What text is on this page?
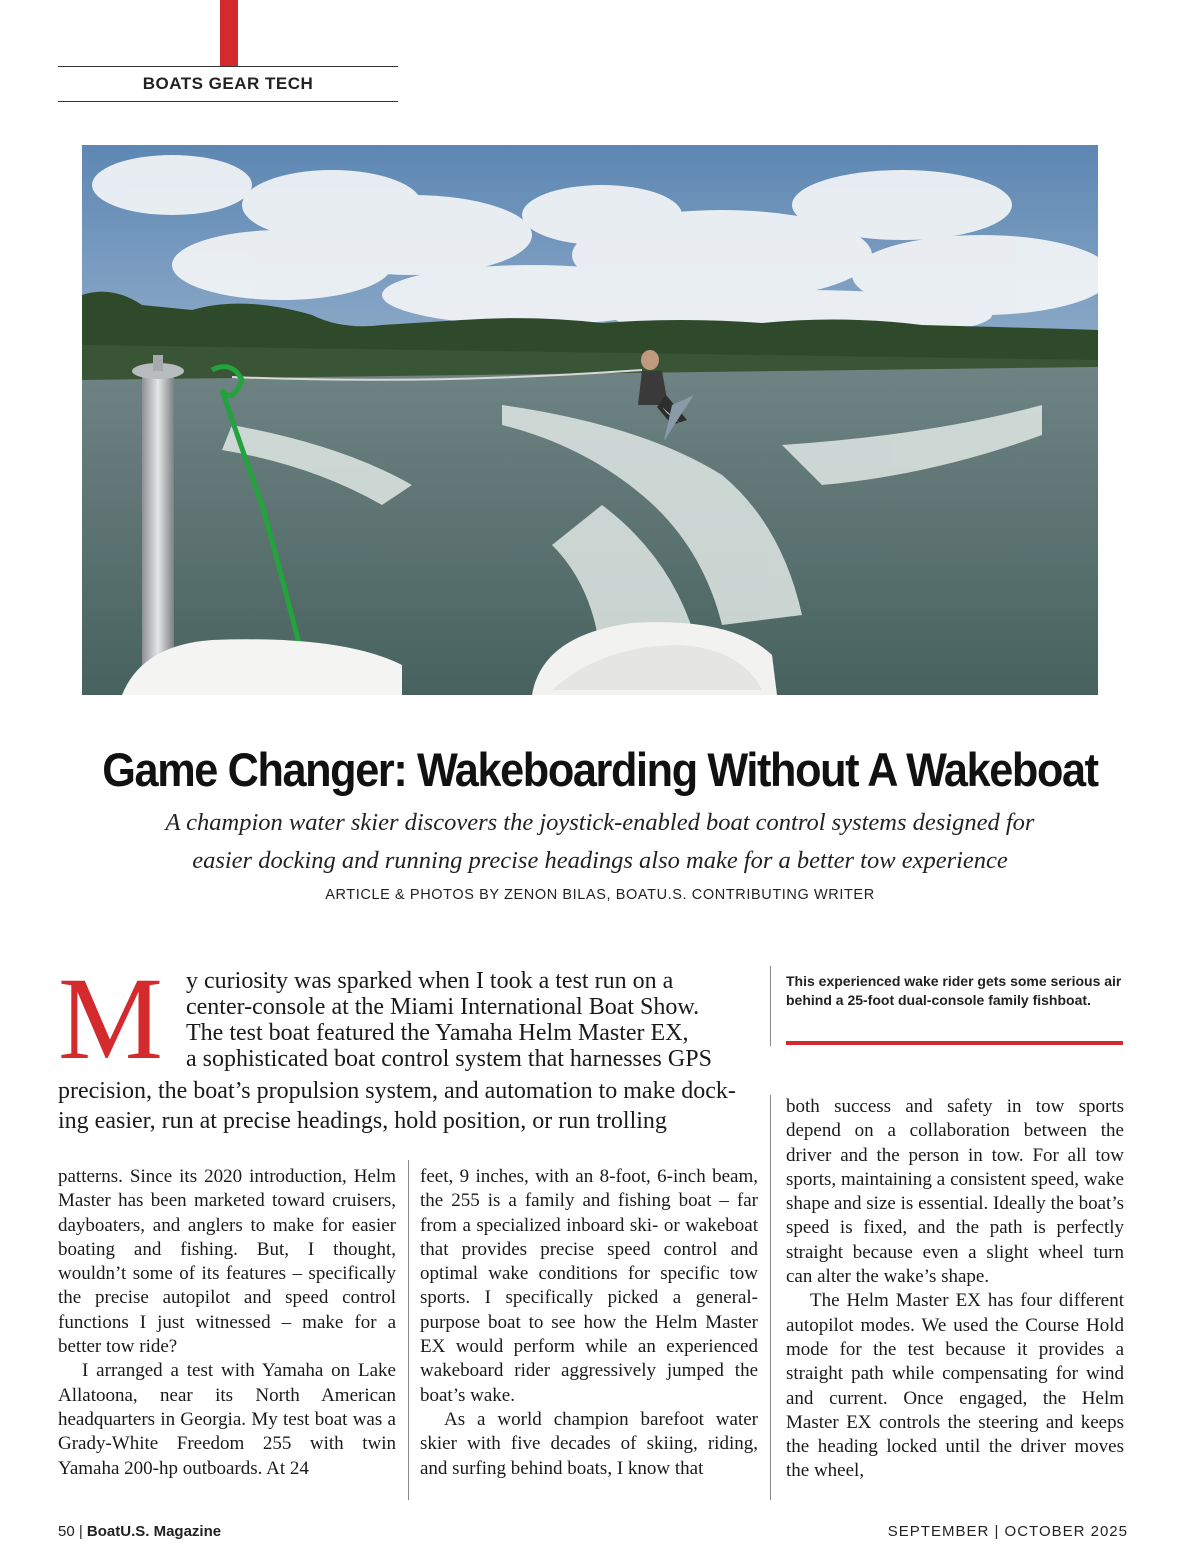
BOATS GEAR TECH
Game Changer: Wakeboarding Without A Wakeboat
A champion water skier discovers the joystick-enabled boat control systems designed for
easier docking and running precise headings also make for a better tow experience
ARTICLE & PHOTOS BY ZENON BILAS, BOATU.S. CONTRIBUTING WRITER
M y curiosity was sparked when I took a test run on a
center-console at the Miami International Boat Show.
The test boat featured the Yamaha Helm Master EX,
a sophisticated boat control system that harnesses GPS
precision, the boat’s propulsion system, and automation to make dock-
ing easier, run at precise headings, hold position, or run trolling
This experienced wake rider gets some serious air behind a 25-foot dual-console family fishboat.

patterns. Since its 2020 introduction, Helm Master has been marketed toward cruisers, dayboaters, and anglers to make for easier boating and fishing. But, I thought, wouldn’t some of its features – specifically the precise autopilot and speed control functions I just witnessed – make for a better tow ride?

I arranged a test with Yamaha on Lake Allatoona, near its North American headquarters in Georgia. My test boat was a Grady-White Freedom 255 with twin Yamaha 200-hp outboards. At 24

feet, 9 inches, with an 8-foot, 6-inch beam, the 255 is a family and fishing boat – far from a specialized inboard ski- or wakeboat that provides precise speed control and optimal wake conditions for specific tow sports. I specifically picked a general-purpose boat to see how the Helm Master EX would perform while an experienced wakeboard rider aggressively jumped the boat’s wake.

As a world champion barefoot water skier with five decades of skiing, riding, and surfing behind boats, I know that

both success and safety in tow sports depend on a collaboration between the driver and the person in tow. For all tow sports, maintaining a consistent speed, wake shape and size is essential. Ideally the boat’s speed is fixed, and the path is perfectly straight because even a slight wheel turn can alter the wake’s shape.

The Helm Master EX has four different autopilot modes. We used the Course Hold mode for the test because it provides a straight path while compensating for wind and current. Once engaged, the Helm Master EX controls the steering and keeps the heading locked until the driver moves the wheel,

50 | BoatU.S. Magazine	SEPTEMBER | OCTOBER 2025
